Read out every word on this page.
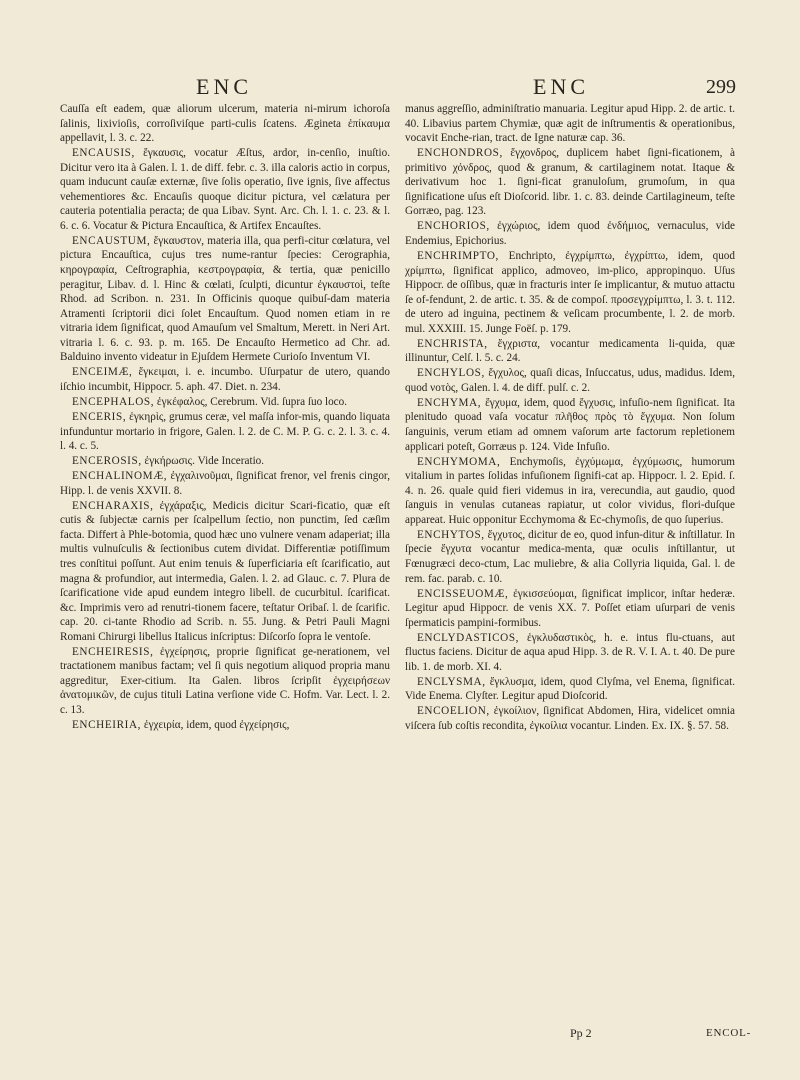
ENC	ENC	299

Cauſſa eſt eadem, quæ aliorum ulcerum, materia ni-mirum ichoroſa ſalinis, lixivioſis, corroſiviſque parti-culis ſcatens. Ægineta ἐπίκαυμα appellavit, l. 3. c. 22.

ENCAUSIS, ἔγκαυσις, vocatur Æſtus, ardor, in-cenſio, inuſtio. Dicitur vero ita à Galen. l. 1. de diff. febr. c. 3. illa caloris actio in corpus, quam inducunt cauſæ externæ, ſive ſolis operatio, ſive ignis, ſive affectus vehementiores &c. Encauſis quoque dicitur pictura, vel cælatura per cauteria potentialia peracta; de qua Libav. Synt. Arc. Ch. l. 1. c. 23. & l. 6. c. 6. Vocatur & Pictura Encauſtica, & Artifex Encauſtes.

ENCAUSTUM, ἔγκαυστον, materia illa, qua perfi-citur cœlatura, vel pictura Encauſtica, cujus tres nume-rantur ſpecies: Cerographia, κηρογραφία, Ceſtrographia, κεστρογραφία, & tertia, quæ penicillo peragitur, Libav. d. l. Hinc & cœlati, ſculpti, dicuntur ἐγκαυστοὶ, teſte Rhod. ad Scribon. n. 231. In Officinis quoque quibuſ-dam materia Atramenti ſcriptorii dici ſolet Encauſtum. Quod nomen etiam in re vitraria idem ſignificat, quod Amauſum vel Smaltum, Merett. in Neri Art. vitraria l. 6. c. 93. p. m. 165. De Encauſto Hermetico ad Chr. ad. Balduino invento videatur in Ejuſdem Hermete Curioſo Inventum VI.

ENCEIMÆ, ἔγκειμαι, i. e. incumbo. Uſurpatur de utero, quando iſchio incumbit, Hippocr. 5. aph. 47. Diet. n. 234.

ENCEPHALOS, ἐγκέφαλος, Cerebrum. Vid. ſupra ſuo loco.

ENCERIS, ἐγκηρὶς, grumus ceræ, vel maſſa infor-mis, quando liquata infunduntur mortario in frigore, Galen. l. 2. de C. M. P. G. c. 2. l. 3. c. 4. l. 4. c. 5.

ENCEROSIS, ἐγκήρωσις. Vide Inceratio.

ENCHALINOMÆ, ἐγχαλινοῦμαι, ſignificat frenor, vel frenis cingor, Hipp. l. de venis XXVII. 8.

ENCHARAXIS, ἐγχάραξις, Medicis dicitur Scari-ficatio, quæ eſt cutis & ſubjectæ carnis per ſcalpellum ſectio, non punctim, ſed cæſim facta. Differt à Phle-botomia, quod hæc uno vulnere venam adaperiat; illa multis vulnuſculis & ſectionibus cutem dividat. Differentiæ potiſſimum tres conſtitui poſſunt. Aut enim tenuis & ſuperficiaria eſt ſcarificatio, aut magna & profundior, aut intermedia, Galen. l. 2. ad Glauc. c. 7. Plura de ſcarificatione vide apud eundem integro libell. de cucurbitul. ſcarificat. &c. Imprimis vero ad renutri-tionem facere, teſtatur Oribaſ. l. de ſcarific. cap. 20. ci-tante Rhodio ad Scrib. n. 55. Jung. & Petri Pauli Magni Romani Chirurgi libellus Italicus inſcriptus: Diſcorſo ſopra le ventoſe.

ENCHEIRESIS, ἐγχείρησις, proprie ſignificat ge-nerationem, vel tractationem manibus factam; vel ſi quis negotium aliquod propria manu aggreditur, Exer-citium. Ita Galen. libros ſcripſit ἐγχειρήσεων ἀνατομικῶν, de cujus tituli Latina verſione vide C. Hofm. Var. Lect. l. 2. c. 13.

ENCHEIRIA, ἐγχειρία, idem, quod ἐγχείρησις,

manus aggreſſio, adminiſtratio manuaria. Legitur apud Hipp. 2. de artic. t. 40. Libavius partem Chymiæ, quæ agit de inſtrumentis & operationibus, vocavit Enche-rian, tract. de Igne naturæ cap. 36.

ENCHONDROS, ἔγχονδρος, duplicem habet ſigni-ficationem, à primitivo χόνδρος, quod & granum, & cartilaginem notat. Itaque & derivativum hoc 1. ſigni-ficat granuloſum, grumoſum, in qua ſignificatione uſus eſt Dioſcorid. libr. 1. c. 83. deinde Cartilagineum, teſte Gorræo, pag. 123.

ENCHORIOS, ἐγχώριος, idem quod ἐνδήμιος, vernaculus, vide Endemius, Epichorius.

ENCHRIMPTO, Enchripto, ἐγχρίμπτω, ἐγχρίπτω, idem, quod χρίμπτω, ſignificat applico, admoveo, im-plico, appropinquo. Uſus Hippocr. de oſſibus, quæ in fracturis inter ſe implicantur, & mutuo attactu ſe of-fendunt, 2. de artic. t. 35. & de compoſ. προσεγχρίμπτω, l. 3. t. 112. de utero ad inguina, pectinem & veſicam procumbente, l. 2. de morb. mul. XXXIII. 15. Junge Foëſ. p. 179.

ENCHRISTA, ἔγχριστα, vocantur medicamenta li-quida, quæ illinuntur, Celſ. l. 5. c. 24.

ENCHYLOS, ἔγχυλος, quaſi dicas, Inſuccatus, udus, madidus. Idem, quod νοτὸς, Galen. l. 4. de diff. pulſ. c. 2.

ENCHYMA, ἔγχυμα, idem, quod ἔγχυσις, infuſio-nem ſignificat. Ita plenitudo quoad vaſa vocatur πλῆθος πρὸς τὸ ἔγχυμα. Non ſolum ſanguinis, verum etiam ad omnem vaſorum arte factorum repletionem applicari poteſt, Gorræus p. 124. Vide Infuſio.

ENCHYMOMA, Enchymoſis, ἐγχύμωμα, ἐγχύμωσις, humorum vitalium in partes ſolidas infuſionem ſignifi-cat ap. Hippocr. l. 2. Epid. ſ. 4. n. 26. quale quid fieri videmus in ira, verecundia, aut gaudio, quod ſanguis in venulas cutaneas rapiatur, ut color vividus, flori-duſque appareat. Huic opponitur Ecchymoma & Ec-chymoſis, de quo ſuperius.

ENCHYTOS, ἔγχυτος, dicitur de eo, quod infun-ditur & inſtillatur. In ſpecie ἔγχυτα vocantur medica-menta, quæ oculis inſtillantur, ut Fœnugræci deco-ctum, Lac muliebre, & alia Collyria liquida, Gal. l. de rem. fac. parab. c. 10.

ENCISSEUOMÆ, ἐγκισσεύομαι, ſignificat implicor, inſtar hederæ. Legitur apud Hippocr. de venis XX. 7. Poſſet etiam uſurpari de venis ſpermaticis pampini-formibus.

ENCLYDASTICOS, ἐγκλυδαστικὸς, h. e. intus flu-ctuans, aut fluctus faciens. Dicitur de aqua apud Hipp. 3. de R. V. I. A. t. 40. De pure lib. 1. de morb. XI. 4.

ENCLYSMA, ἔγκλυσμα, idem, quod Clyſma, vel Enema, ſignificat. Vide Enema. Clyſter. Legitur apud Dioſcorid.

ENCOELION, ἐγκοίλιον, ſignificat Abdomen, Hira, videlicet omnia viſcera ſub coſtis recondita, ἐγκοίλια vocantur. Linden. Ex. IX. §. 57. 58.

Pp 2	ENCOL-
